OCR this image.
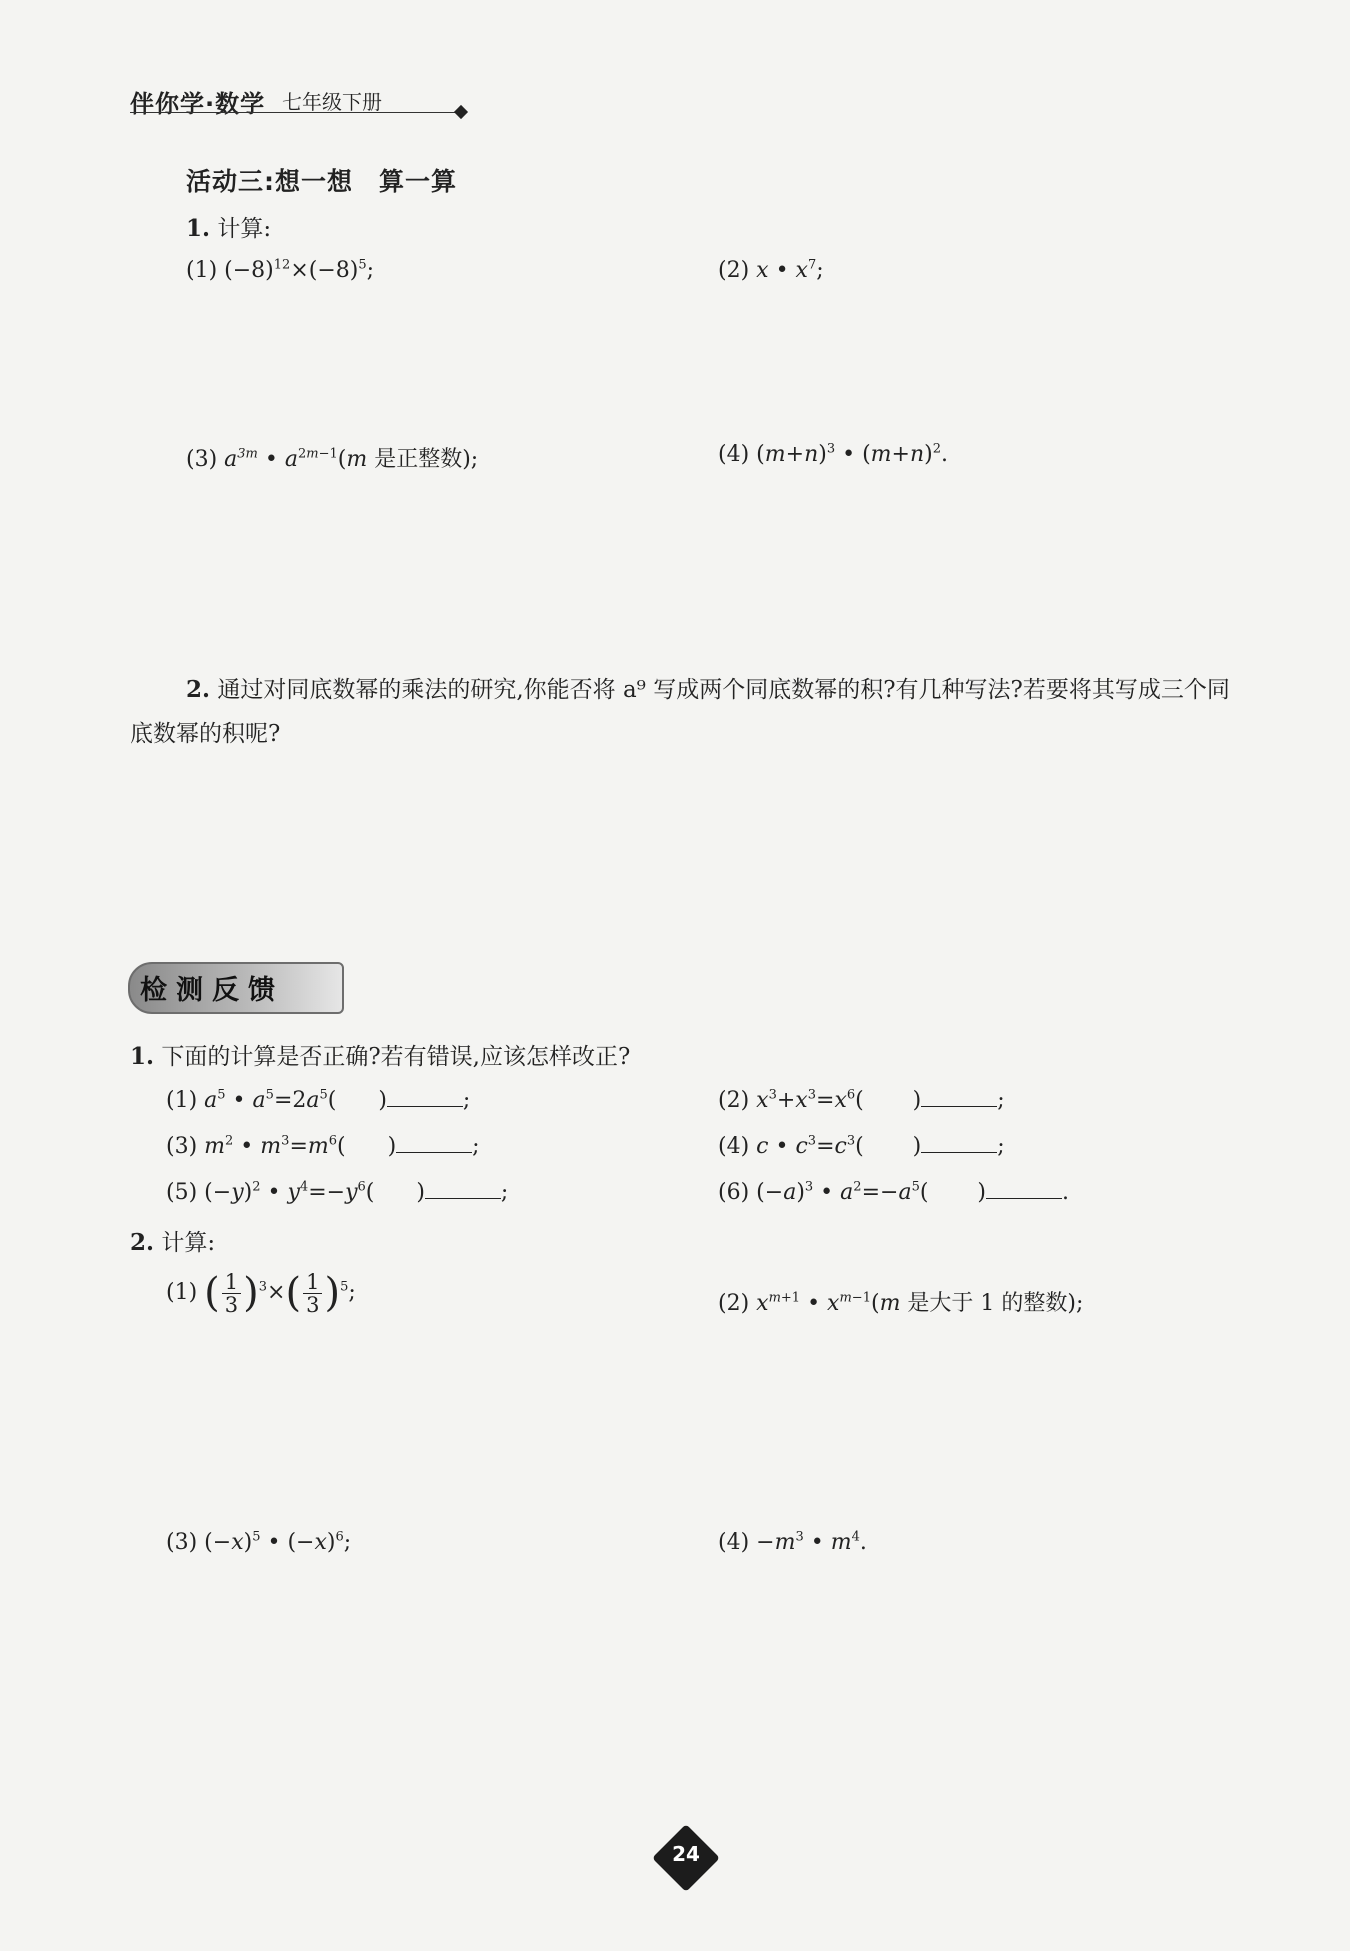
伴你学·数学 七年级下册
活动三:想一想　算一算
1. 计算:
(1) $(-8)^{12}\times(-8)^5$;	(2) x • $x^7$;
(3) $a^{3m}$ • $a^{2m-1}(m$ 是正整数);	(4) $(m+n)^3$ • $(m+n)^2$.
2. 通过对同底数幂的乘法的研究,你能否将 a⁹ 写成两个同底数幂的积?有几种写法?若要将其写成三个同底数幂的积呢?
检测反馈
1. 下面的计算是否正确?若有错误,应该怎样改正?
(1) $a^5$ • $a^5=2a^5$(      )	;	(2) $x^3+x^3=x^6$(       )	;
(3) $m^2$ • $m^3=m^6$(      )	;	(4) c • $c^3=c^3$(       )	;
(5) $(-y)^2$ • $y^4=-y^6$(      )	;	(6) $(-a)^3$ • $a^2=-a^5$(       )	.
2. 计算:
(1) ( $\frac{1}{3} )^3\times( \frac{1}{3} )^5$;	(2) $x^{m+1}$ • $x^{m-1}(m$ 是大于 1 的整数);
(3) $(-x)^5$ • $(-x)^6$;	$(4) -m^3$ • $m^4$.
24
